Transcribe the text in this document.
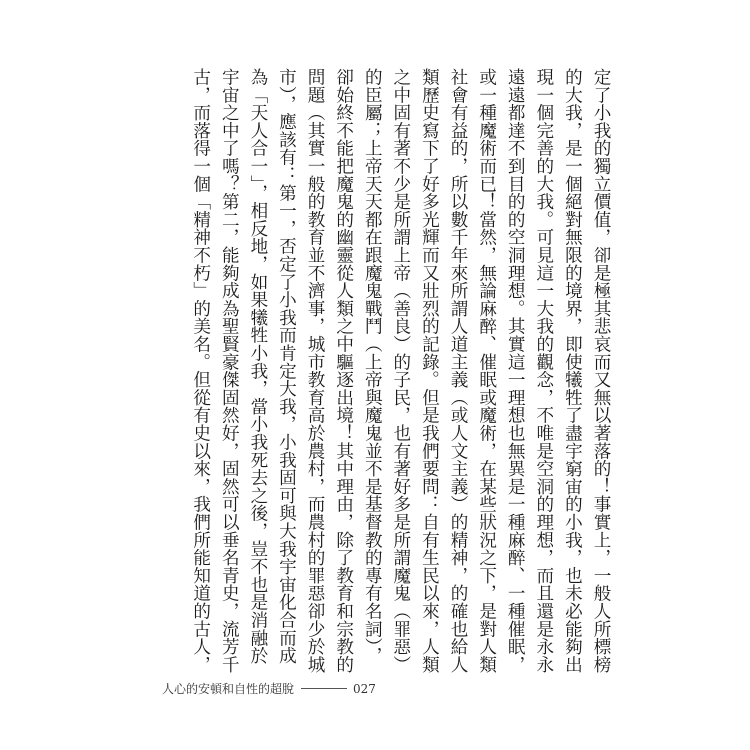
定了小我的獨立價值，卻是極其悲哀而又無以著落的！事實上，一般人所標榜
的大我，是一個絕對無限的境界，即使犧牲了盡宇窮宙的小我，也未必能夠出
現一個完善的大我。可見這一大我的觀念，不唯是空洞的理想，而且還是永永
遠遠都達不到目的的空洞理想。其實這一理想也無異是一種麻醉、一種催眠，
或一種魔術而已！當然，無論麻醉、催眠或魔術，在某些狀況之下，是對人類
社會有益的，所以數千年來所謂人道主義（或人文主義）的精神，的確也給人
類歷史寫下了好多光輝而又壯烈的記錄。但是我們要問：自有生民以來，人類
之中固有著不少是所謂上帝（善良）的子民，也有著好多是所謂魔鬼（罪惡）
的臣屬；上帝天天都在跟魔鬼戰鬥（上帝與魔鬼並不是基督教的專有名詞），
卻始終不能把魔鬼的幽靈從人類之中驅逐出境！其中理由，除了教育和宗教的
問題（其實一般的教育並不濟事，城市教育高於農村，而農村的罪惡卻少於城
市），應該有：第一，否定了小我而肯定大我，小我固可與大我宇宙化合而成
為「天人合一」，相反地，如果犧牲小我，當小我死去之後，豈不也是消融於
宇宙之中了嗎？第二，能夠成為聖賢豪傑固然好，固然可以垂名青史，流芳千
古，而落得一個「精神不朽」的美名。但從有史以來，我們所能知道的古人，
人心的安頓和自性的超脫	027
